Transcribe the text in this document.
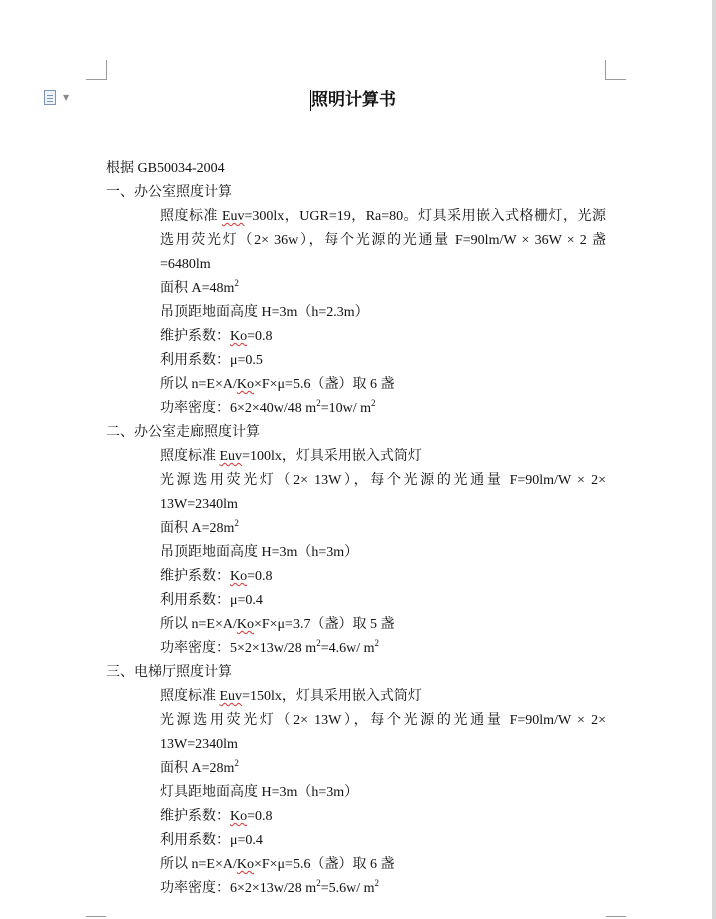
▼	照明计算书
根据 GB50034-2004
一、办公室照度计算
照度标准 Euv=300lx，UGR=19，Ra=80。灯具采用嵌入式格栅灯，光源
选用荧光灯（2× 36w），每个光源的光通量 F=90lm/W × 36W × 2 盏
=6480lm
面积 $A=48m^2$
吊顶距地面高度 H=3m（h=2.3m）
维护系数：Ko=0.8
利用系数：μ=0.5
所以 n=E×A/Ko×F×μ=5.6（盏）取 6 盏
功率密度：6×2×40w/48 $m^2=10w/$ $m^2$
二、办公室走廊照度计算
照度标准 Euv=100lx，灯具采用嵌入式筒灯
光源选用荧光灯（2× 13W），每个光源的光通量 F=90lm/W × 2×
13W=2340lm
面积 $A=28m^2$
吊顶距地面高度 H=3m（h=3m）
维护系数：Ko=0.8
利用系数：μ=0.4
所以 n=E×A/Ko×F×μ=3.7（盏）取 5 盏
功率密度：5×2×13w/28 $m^2=4.6w/$ $m^2$
三、电梯厅照度计算
照度标准 Euv=150lx，灯具采用嵌入式筒灯
光源选用荧光灯（2× 13W），每个光源的光通量 F=90lm/W × 2×
13W=2340lm
面积 $A=28m^2$
灯具距地面高度 H=3m（h=3m）
维护系数：Ko=0.8
利用系数：μ=0.4
所以 n=E×A/Ko×F×μ=5.6（盏）取 6 盏
功率密度：6×2×13w/28 $m^2=5.6w/$ $m^2$
